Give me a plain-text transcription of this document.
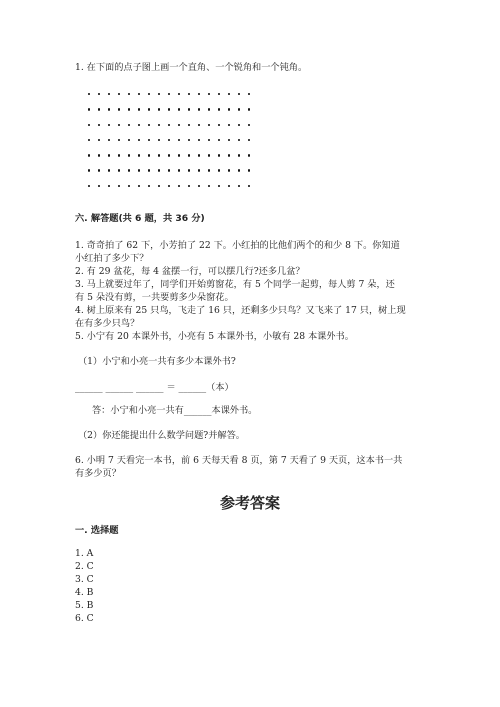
1. 在下面的点子图上画一个直角、一个锐角和一个钝角。
六. 解答题(共 6 题，共 36 分)
1. 奇奇拍了 62 下，小芳拍了 22 下。小红拍的比他们两个的和少 8 下。你知道
小红拍了多少下？
2. 有 29 盆花，每 4 盆摆一行，可以摆几行?还多几盆？
3. 马上就要过年了，同学们开始剪窗花，有 5 个同学一起剪，每人剪 7 朵，还
有 5 朵没有剪，一共要剪多少朵窗花。
4. 树上原来有 25 只鸟，飞走了 16 只，还剩多少只鸟？又飞来了 17 只，树上现
在有多少只鸟？
5. 小宁有 20 本课外书，小亮有 5 本课外书，小敏有 28 本课外书。
（1）小宁和小亮一共有多少本课外书?
______ ______ ______ ＝ ______（本）
答：小宁和小亮一共有______本课外书。
（2）你还能提出什么数学问题?并解答。
6. 小明 7 天看完一本书，前 6 天每天看 8 页，第 7 天看了 9 天页，这本书一共
有多少页？
参考答案
一. 选择题
1. A
2. C
3. C
4. B
5. B
6. C
